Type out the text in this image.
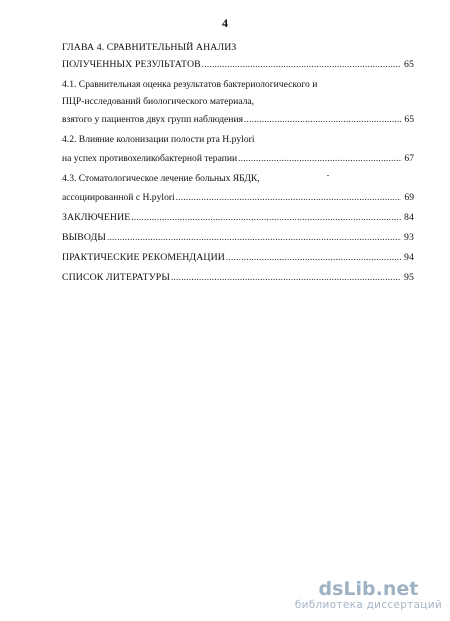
4
ГЛАВА 4. СРАВНИТЕЛЬНЫЙ АНАЛИЗ
ПОЛУЧЕННЫХ РЕЗУЛЬТАТОВ .....	65
4.1. Сравнительная оценка результатов бактериологического и
ПЦР-исследований биологического материала,
взятого у пациентов двух групп наблюдения .....	65
4.2. Влияние колонизации полости рта H.pylori
на успех противохеликобактерной терапии .....	67
4.3. Стоматологическое лечение больных ЯБДК,
ассоциированной с H.pylori .....	69
ЗАКЛЮЧЕНИЕ .....	84
ВЫВОДЫ .....	93
ПРАКТИЧЕСКИЕ РЕКОМЕНДАЦИИ .....	94
СПИСОК ЛИТЕРАТУРЫ .....	95
dsLib.net
библиотека диссертаций
